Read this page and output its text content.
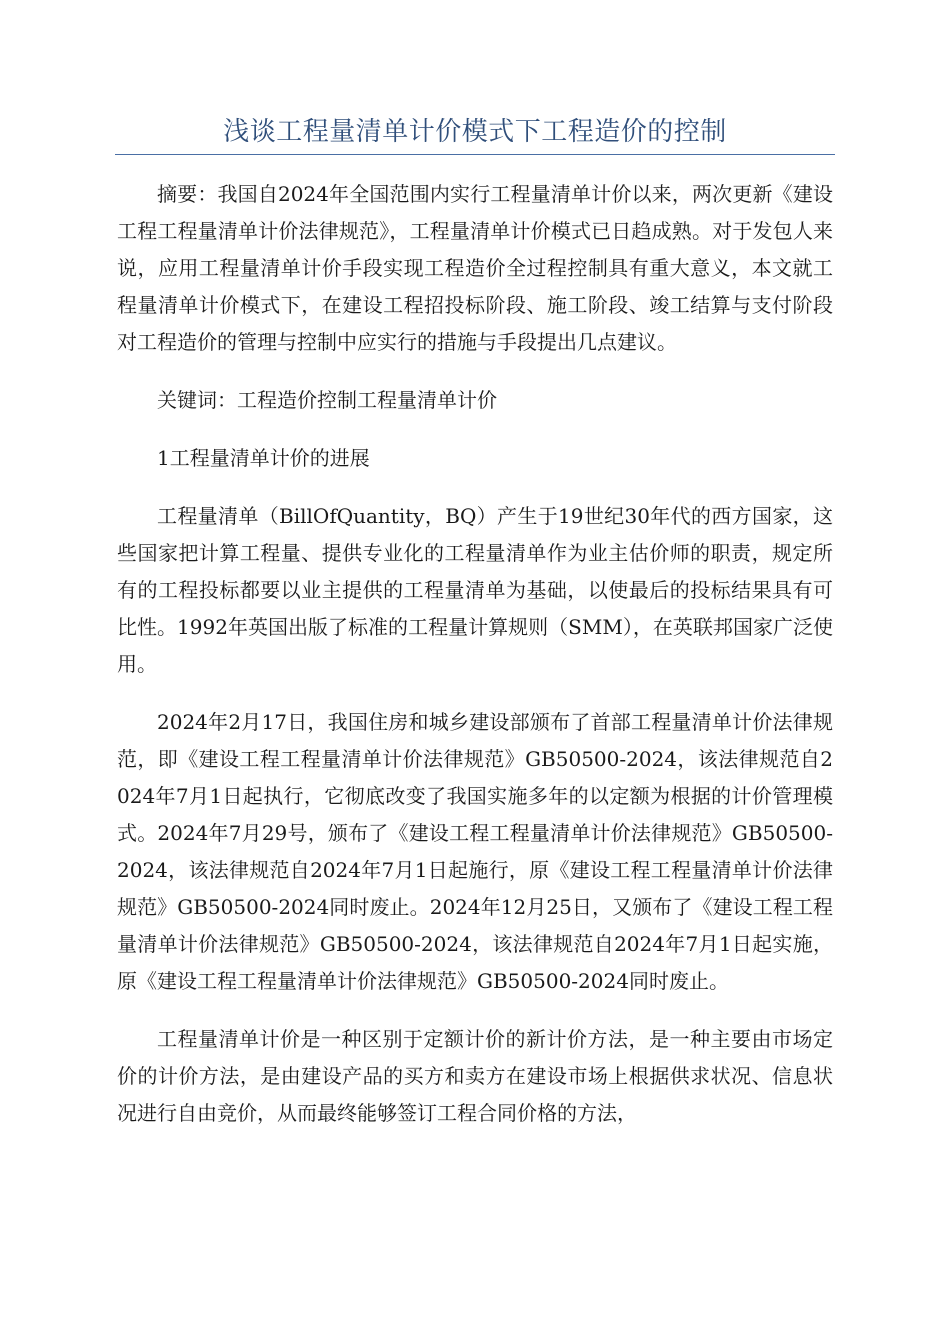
浅谈工程量清单计价模式下工程造价的控制

摘要：我国自2024年全国范围内实行工程量清单计价以来，两次更新《建设工程工程量清单计价法律规范》，工程量清单计价模式已日趋成熟。对于发包人来说，应用工程量清单计价手段实现工程造价全过程控制具有重大意义，本文就工程量清单计价模式下，在建设工程招投标阶段、施工阶段、竣工结算与支付阶段对工程造价的管理与控制中应实行的措施与手段提出几点建议。

关键词：工程造价控制工程量清单计价

1工程量清单计价的进展

工程量清单（BillOfQuantity，BQ）产生于19世纪30年代的西方国家，这些国家把计算工程量、提供专业化的工程量清单作为业主估价师的职责，规定所有的工程投标都要以业主提供的工程量清单为基础，以使最后的投标结果具有可比性。1992年英国出版了标准的工程量计算规则（SMM），在英联邦国家广泛使用。

2024年2月17日，我国住房和城乡建设部颁布了首部工程量清单计价法律规范，即《建设工程工程量清单计价法律规范》GB50500-2024，该法律规范自2024年7月1日起执行，它彻底改变了我国实施多年的以定额为根据的计价管理模式。2024年7月29号，颁布了《建设工程工程量清单计价法律规范》GB50500-2024，该法律规范自2024年7月1日起施行，原《建设工程工程量清单计价法律规范》GB50500-2024同时废止。2024年12月25日，又颁布了《建设工程工程量清单计价法律规范》GB50500-2024，该法律规范自2024年7月1日起实施，原《建设工程工程量清单计价法律规范》GB50500-2024同时废止。

工程量清单计价是一种区别于定额计价的新计价方法，是一种主要由市场定价的计价方法，是由建设产品的买方和卖方在建设市场上根据供求状况、信息状况进行自由竞价，从而最终能够签订工程合同价格的方法，
